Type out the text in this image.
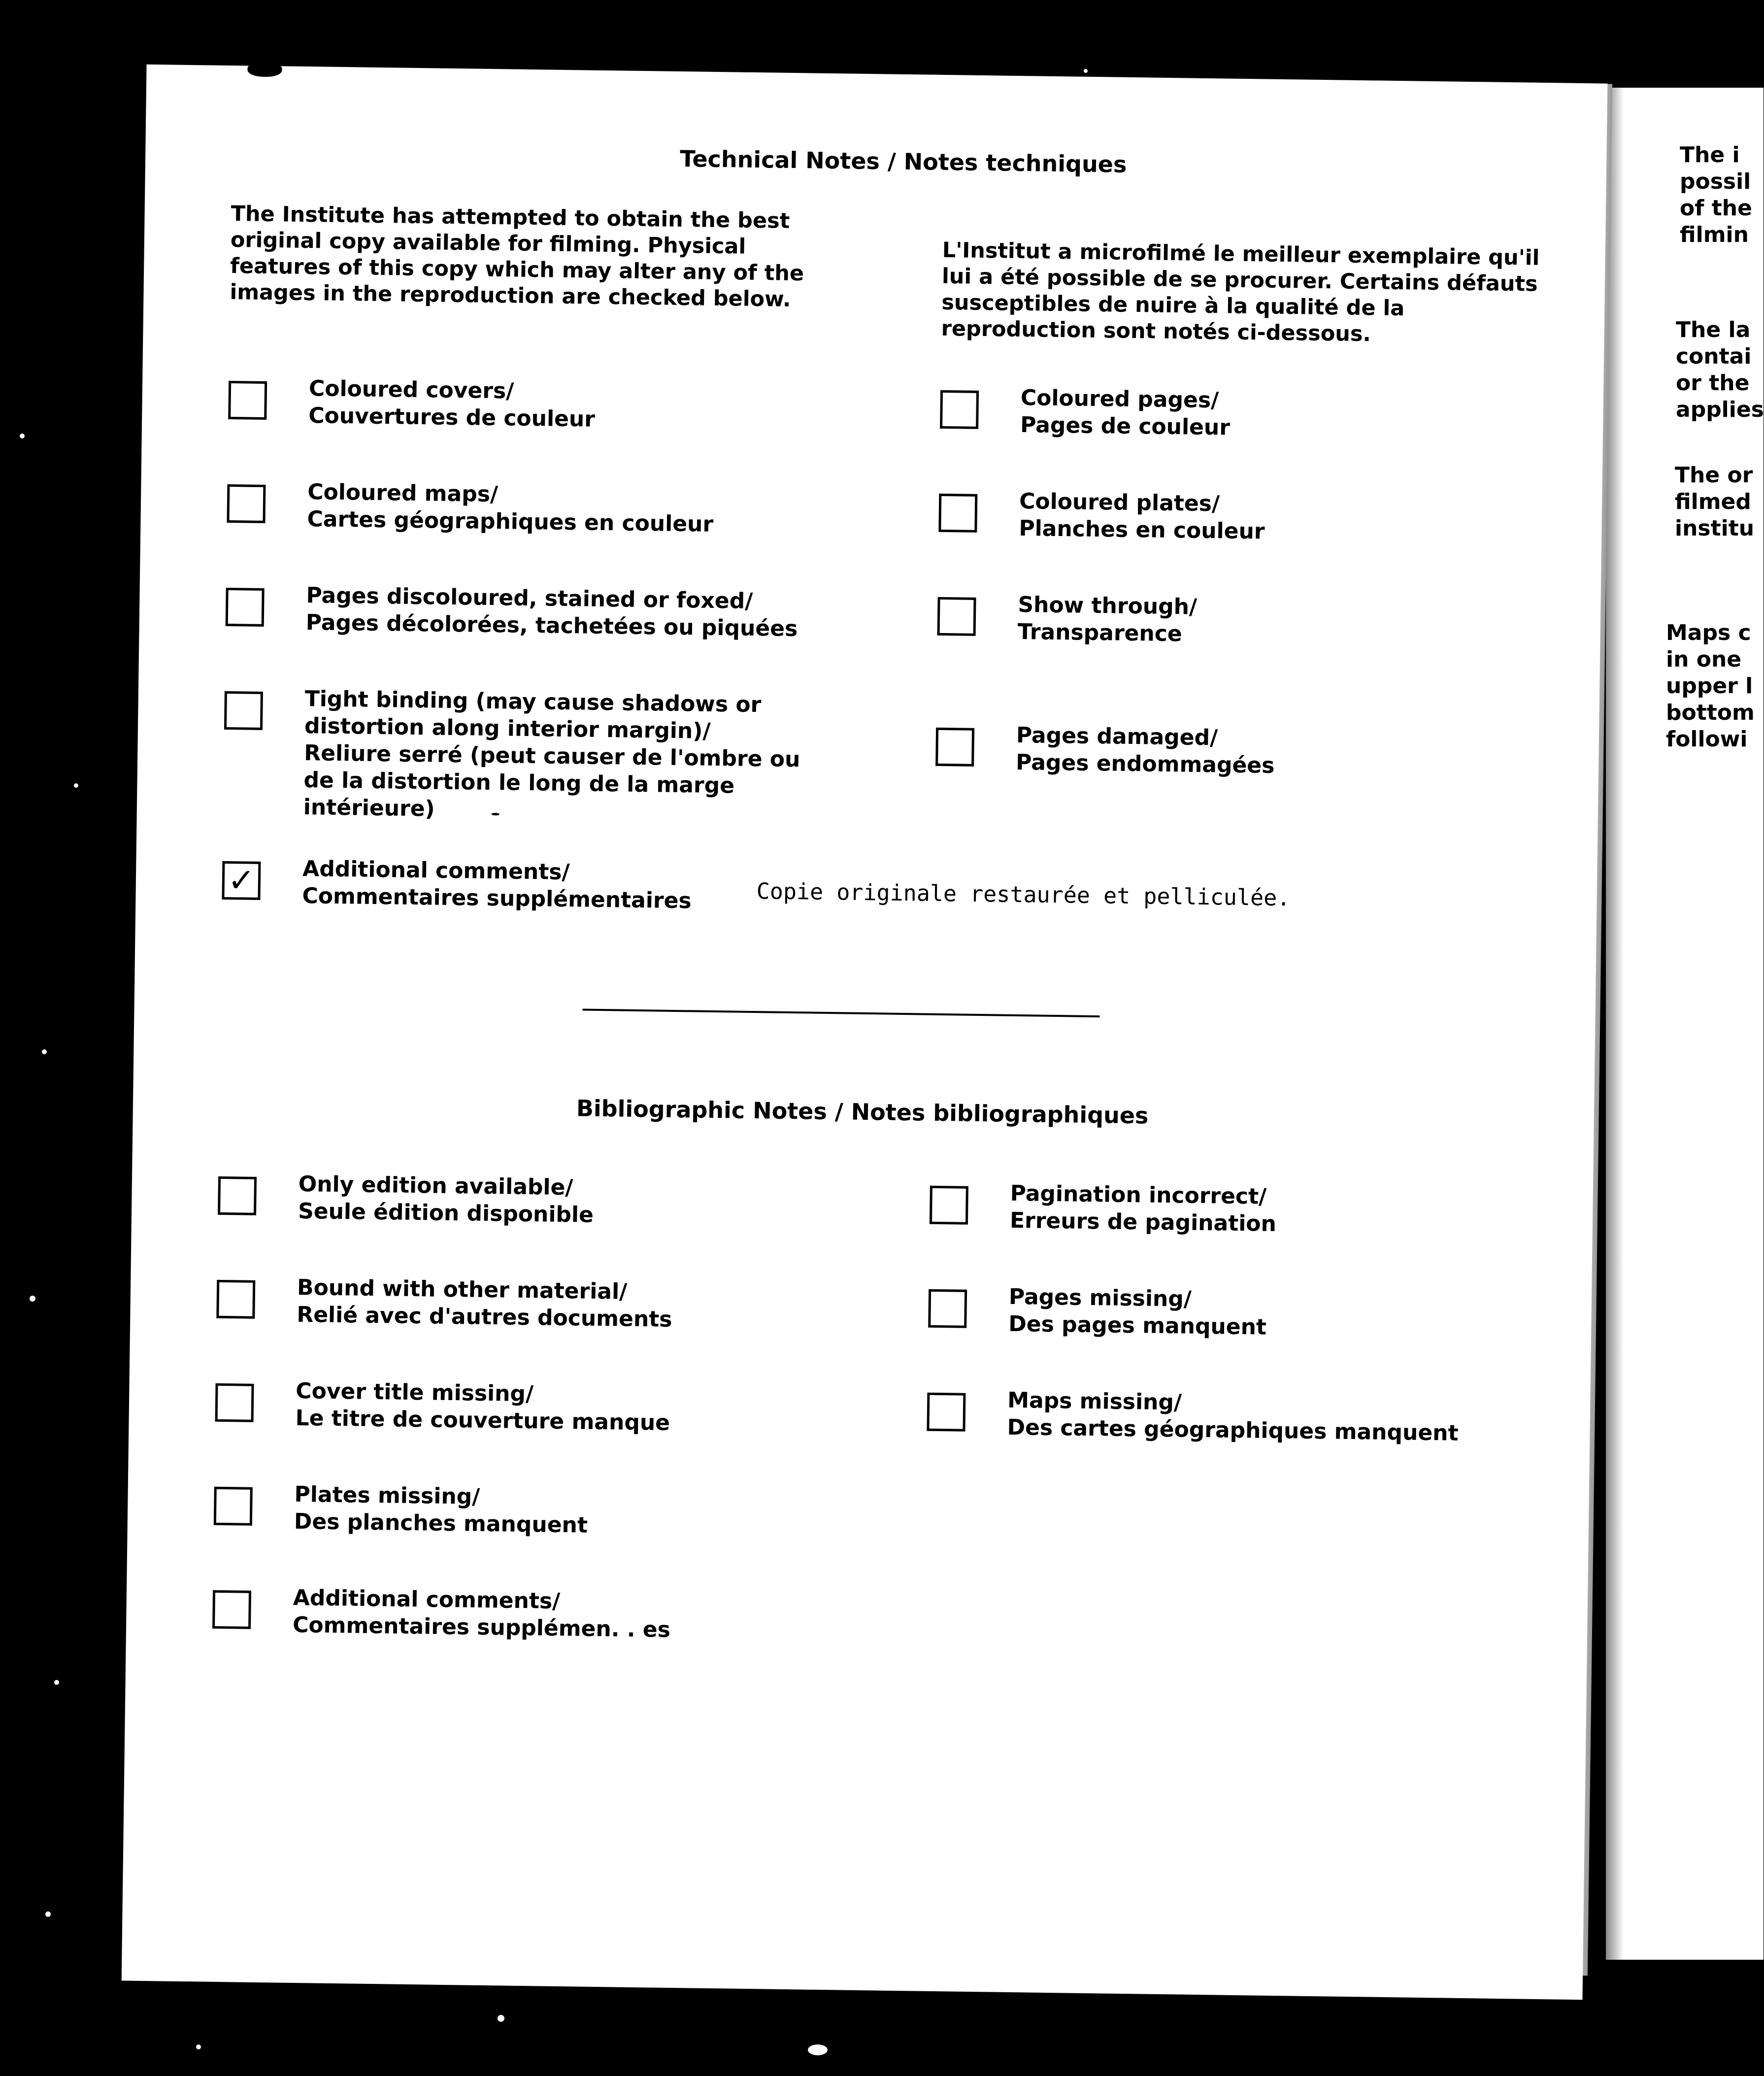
The i
possil
of the
filmin
The la
contai
or the
applies
The or
filmed
institu
Maps c
in one
upper l
bottom
followi
Technical Notes / Notes techniques

The Institute has attempted to obtain the best original copy available for filming. Physical features of this copy which may alter any of the images in the reproduction are checked below.

L'Institut a microfilmé le meilleur exemplaire qu'il lui a été possible de se procurer. Certains défauts susceptibles de nuire à la qualité de la reproduction sont notés ci-dessous.

Coloured covers/
Couvertures de couleur
Coloured maps/
Cartes géographiques en couleur
Pages discoloured, stained or foxed/
Pages décolorées, tachetées ou piquées
Tight binding (may cause shadows or
distortion along interior margin)/
Reliure serré (peut causer de l'ombre ou
de la distortion le long de la marge
intérieure)
Coloured pages/
Pages de couleur
Coloured plates/
Planches en couleur
Show through/
Transparence
Pages damaged/
Pages endommagées
✓ Additional comments/
Commentaires supplémentaires	Copie originale restaurée et pelliculée.
Bibliographic Notes / Notes bibliographiques
Only edition available/
Seule édition disponible
Bound with other material/
Relié avec d'autres documents
Cover title missing/
Le titre de couverture manque
Plates missing/
Des planches manquent
Additional comments/
Commentaires supplémen. . es
Pagination incorrect/
Erreurs de pagination
Pages missing/
Des pages manquent
Maps missing/
Des cartes géographiques manquent
